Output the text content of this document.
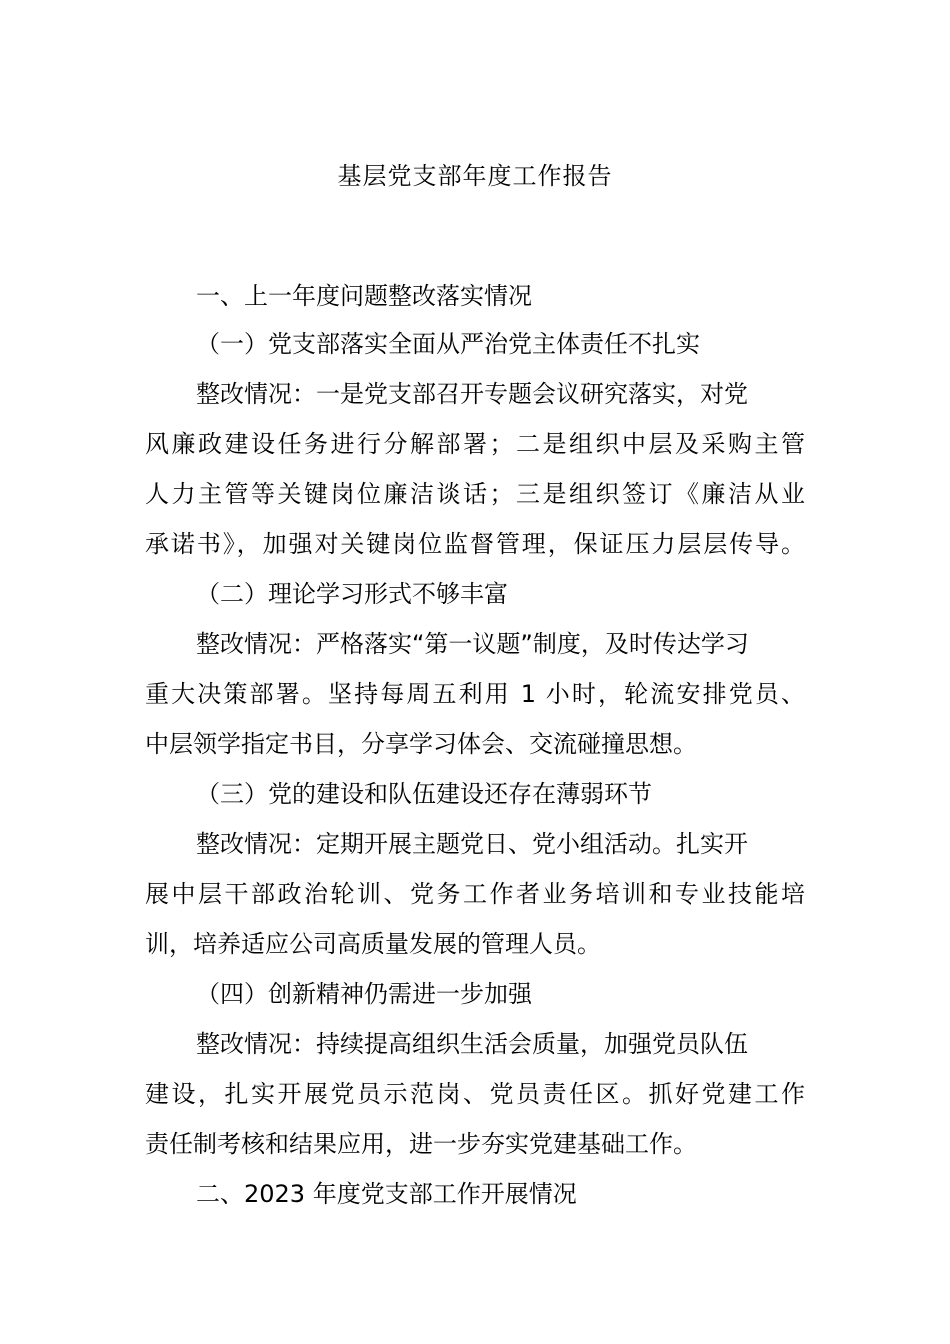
基层党支部年度工作报告
一、上一年度问题整改落实情况
（一）党支部落实全面从严治党主体责任不扎实
整改情况：一是党支部召开专题会议研究落实，对党
风廉政建设任务进行分解部署；二是组织中层及采购主管
人力主管等关键岗位廉洁谈话；三是组织签订《廉洁从业
承诺书》，加强对关键岗位监督管理，保证压力层层传导。
（二）理论学习形式不够丰富
整改情况：严格落实“第一议题”制度，及时传达学习
重大决策部署。坚持每周五利用 1 小时，轮流安排党员、
中层领学指定书目，分享学习体会、交流碰撞思想。
（三）党的建设和队伍建设还存在薄弱环节
整改情况：定期开展主题党日、党小组活动。扎实开
展中层干部政治轮训、党务工作者业务培训和专业技能培
训，培养适应公司高质量发展的管理人员。
（四）创新精神仍需进一步加强
整改情况：持续提高组织生活会质量，加强党员队伍
建设，扎实开展党员示范岗、党员责任区。抓好党建工作
责任制考核和结果应用，进一步夯实党建基础工作。
二、2023 年度党支部工作开展情况
